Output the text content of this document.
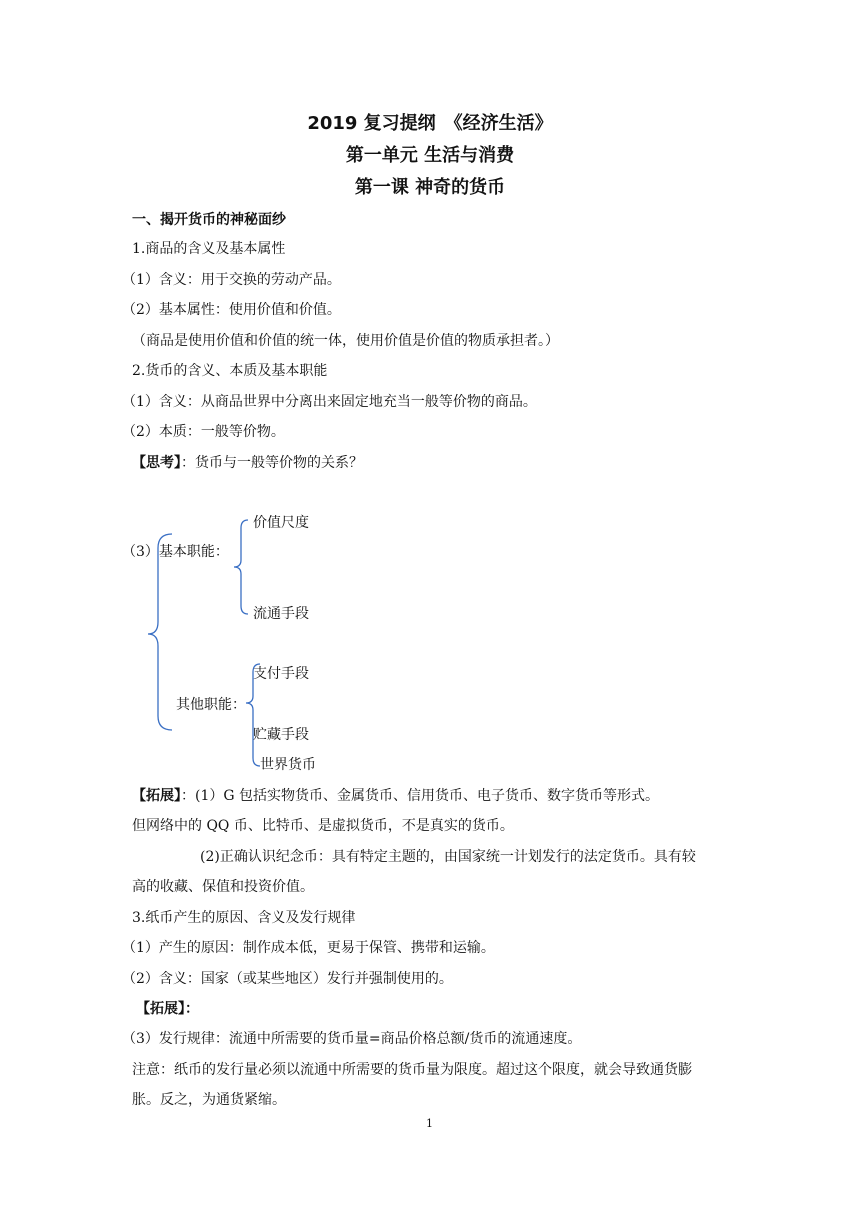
2019 复习提纲　《经济生活》
第一单元 生活与消费
第一课 神奇的货币
一、揭开货币的神秘面纱
1.商品的含义及基本属性
（1）含义：用于交换的劳动产品。
（2）基本属性：使用价值和价值。
（商品是使用价值和价值的统一体，使用价值是价值的物质承担者。）
2.货币的含义、本质及基本职能
（1）含义：从商品世界中分离出来固定地充当一般等价物的商品。
（2）本质：一般等价物。
【思考】：货币与一般等价物的关系？
（3）基本职能：
价值尺度
流通手段
其他职能：
支付手段
贮藏手段
世界货币
【拓展】：(1）G 包括实物货币、金属货币、信用货币、电子货币、数字货币等形式。
但网络中的 QQ 币、比特币、是虚拟货币，不是真实的货币。
(2)正确认识纪念币：具有特定主题的，由国家统一计划发行的法定货币。具有较
高的收藏、保值和投资价值。
3.纸币产生的原因、含义及发行规律
（1）产生的原因：制作成本低，更易于保管、携带和运输。
（2）含义：国家（或某些地区）发行并强制使用的。
【拓展】：
（3）发行规律：流通中所需要的货币量=商品价格总额/货币的流通速度。
注意：纸币的发行量必须以流通中所需要的货币量为限度。超过这个限度，就会导致通货膨
胀。反之，为通货紧缩。
1
